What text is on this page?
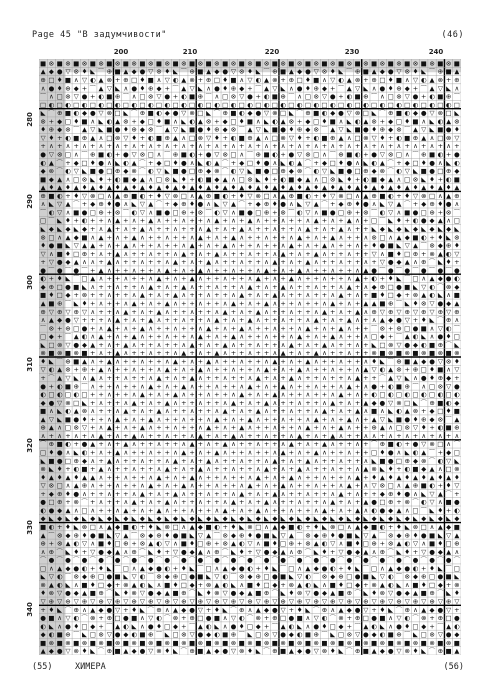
Page 45 "В задумчивости"	(46)
200	210	220	230	240
280
290
300
310
320
330
340
■ ⊗ ■ ⊗ ■ ⊗ ■ ⊗ ■ ⊗ ■ ⊗ ■ ⊗ ■ ⊗ ■ ⊗ ■ ⊗ ■ ⊗ ■ ⊗ ■ ⊗ ■ ⊗ ■ ⊗ ■ ⊗ ■ ⊗ ■ ⊗ ■ ⊗ ■ ⊗ ■ ⊗ ■ ⊗ ■ ⊗ ■ ⊗ ■ ⊗ ■
▲ ◆ ● ▽ ⊗ ♦ ◣ ⌒ ⊕ ■ ▲ ◆ ● ▽ ⊗ ♦ ◣ ⌒ ⊕ ■ ▲ ◆ ● ▽ ⊗ ♦ ◣ ⌒ ⊕ ■ ▲ ◆ ● ▽ ⊗ ♦ ◣ ⌒ ⊕ ■ ▲ ◆ ● ▽ ⊗ ♦ ◣ ⌒ ⊕ ■ ▲
⊕ □ ♦ ■ ∧ ▽ ◐ ▲ ⊗ + ⊕ □ ♦ ■ ∧ ▽ ◐ ▲ ⊗ + ⊕ □ ♦ ■ ∧ ▽ ◐ ▲ ⊗ + ⊕ □ ♦ ■ ∧ ▽ ◐ ▲ ⊗ + ⊕ □ ♦ ■ ∧ ▽ ◐ ▲ ⊗ + ⊕
∧ ● ♦ ⊕ ◆ + ⌒ ▲ ▽ ◣ ∧ ● ♦ ⊕ ◆ + ⌒ ▲ ▽ ◣ ∧ ● ♦ ⊕ ◆ + ⌒ ▲ ▽ ◣ ∧ ● ♦ ⊕ ◆ + ⌒ ▲ ▽ ◣ ∧ ● ♦ ⊕ ◆ + ⌒ ▲ ▽ ◣ ∧
⌒ ∧ □ ⊗ ▽ ● + ◐ ■ ⊕ ⌒ ∧ □ ⊗ ▽ ● + ◐ ■ ⊕ ⌒ ∧ □ ⊗ ▽ ● + ◐ ■ ⊕ ⌒ ∧ □ ⊗ ▽ ● + ◐ ■ ⊕ ⌒ ∧ □ ⊗ ▽ ● + ◐ ■ ⊕ ⌒
□ ◐ □ ◐ □ ◐ □ ◐ □ ◐ □ ◐ □ ◐ □ ◐ □ ◐ □ ◐ □ ◐ □ ◐ □ ◐ □ ◐ □ ◐ □ ◐ □ ◐ □ ◐ □ ◐ □ ◐ □ ◐ □ ◐ □ ◐ □ ◐ □ ◐ □
◣ ⌒ ⊕ ■ ◐ ◆ ● ▽ ⊗ □ ◣ ⌒ ⊕ ■ ◐ ◆ ● ▽ ⊗ □ ◣ ⌒ ⊕ ■ ◐ ◆ ● ▽ ⊗ □ ◣ ⌒ ⊕ ■ ◐ ◆ ● ▽ ⊗ □ ◣ ⌒ ⊕ ■ ◐ ◆ ● ▽ ⊗ □ ◣
⊗ + ◆ □ ♦ ■ ∧ ◣ ◐ ▲ ⊗ + ◆ □ ♦ ■ ∧ ◣ ◐ ▲ ⊗ + ◆ □ ♦ ■ ∧ ◣ ◐ ▲ ⊗ + ◆ □ ♦ ■ ∧ ◣ ◐ ▲ ⊗ + ◆ □ ♦ ■ ∧ ◣ ◐ ▲ ⊗
♦ ⊕ ◆ ⊗ ⌒ ▲ ▽ ◣ ■ ● ♦ ⊕ ◆ ⊗ ⌒ ▲ ▽ ◣ ■ ● ♦ ⊕ ◆ ⊗ ⌒ ▲ ▽ ◣ ■ ● ♦ ⊕ ◆ ⊗ ⌒ ▲ ▽ ◣ ■ ● ♦ ⊕ ◆ ⊗ ⌒ ▲ ▽ ◣ ■ ● ♦
▽ ♦ + ◐ ■ ⊕ ▲ ∧ □ ⊗ ▽ ♦ + ◐ ■ ⊕ ▲ ∧ □ ⊗ ▽ ♦ + ◐ ■ ⊕ ▲ ∧ □ ⊗ ▽ ♦ + ◐ ■ ⊕ ▲ ∧ □ ⊗ ▽ ♦ + ◐ ■ ⊕ ▲ ∧ □ ⊗ ▽
+ ∧ + ∧ + ∧ + ∧ + ∧ + ∧ + ∧ + ∧ + ∧ + ∧ + ∧ + ∧ + ∧ + ∧ + ∧ + ∧ + ∧ + ∧ + ∧ + ∧ + ∧ + ∧ + ∧ + ∧ + ∧ +
● ▽ ⊗ □ ∧ ⌒ ⊕ ■ ◐ + ● ▽ ⊗ □ ∧ ⌒ ⊕ ■ ◐ + ● ▽ ⊗ □ ∧ ⌒ ⊕ ■ ◐ + ● ▽ ⊗ □ ∧ ⌒ ⊕ ■ ◐ + ● ▽ ⊗ □ ∧ ⌒ ⊕ ■ ◐ + ●
◐ ▲ ⌒ + ◆ □ ♦ ● ∧ ◣ ◐ ▲ ⌒ + ◆ □ ♦ ● ∧ ◣ ◐ ▲ ⌒ + ◆ □ ♦ ● ∧ ◣ ◐ ▲ ⌒ + ◆ □ ♦ ● ∧ ◣ ◐ ▲ ⌒ + ◆ □ ♦ ● ∧ ◣ ◐
◆ ⊗ ⌒ ◐ ▽ ◣ ■ ● □ ⊕ ◆ ⊗ ⌒ ◐ ▽ ◣ ■ ● □ ⊕ ◆ ⊗ ⌒ ◐ ▽ ◣ ■ ● □ ⊕ ◆ ⊗ ⌒ ◐ ▽ ◣ ■ ● □ ⊕ ◆ ⊗ ⌒ ◐ ▽ ◣ ■ ● □ ⊕ ◆
■ ◆ ▲ ∧ □ ⊗ ◣ ♦ + ◐ ■ ◆ ▲ ∧ □ ⊗ ◣ ♦ + ◐ ■ ◆ ▲ ∧ □ ⊗ ◣ ♦ + ◐ ■ ◆ ▲ ∧ □ ⊗ ◣ ♦ + ◐ ■ ◆ ▲ ∧ □ ⊗ ◣ ♦ + ◐ ■
▲ ♦ ▲ ♦ ▲ ♦ ▲ ♦ ▲ ♦ ▲ ♦ ▲ ♦ ▲ ♦ ▲ ♦ ▲ ♦ ▲ ♦ ▲ ♦ ▲ ♦ ▲ ♦ ▲ ♦ ▲ ♦ ▲ ♦ ▲ ♦ ▲ ♦ ▲ ♦ ▲ ♦ ▲ ♦ ▲ ♦ ▲ ♦ ▲ ♦ ▲
⊕ ■ ◐ + ♦ ▽ ⊗ □ ∧ ▲ ⊕ ■ ◐ + ♦ ▽ ⊗ □ ∧ ▲ ⊕ ■ ◐ + ♦ ▽ ⊗ □ ∧ ▲ ⊕ ■ ◐ + ♦ ▽ ⊗ □ ∧ ▲ ⊕ ■ ◐ + ♦ ▽ ⊗ □ ∧ ▲ ⊕
∧ ◣ ▽ ▲ ⌒ + ◆ ⊕ ♦ ● ∧ ◣ ▽ ▲ ⌒ + ◆ ⊕ ♦ ● ∧ ◣ ▽ ▲ ⌒ + ◆ ⊕ ♦ ● ∧ ◣ ▽ ▲ ⌒ + ◆ ⊕ ♦ ● ∧ ◣ ▽ ▲ ⌒ + ◆ ⊕ ♦ ● ∧
⌒ ◐ ▽ ∧ ■ ● □ ⊕ + ⊗ ⌒ ◐ ▽ ∧ ■ ● □ ⊕ + ⊗ ⌒ ◐ ▽ ∧ ■ ● □ ⊕ + ⊗ ⌒ ◐ ▽ ∧ ■ ● □ ⊕ + ⊗ ⌒ ◐ ▽ ∧ ■ ● □ ⊕ + ⊗ ⌒
□ ⌒ ◣ ♦ + ◐ + + ∧ ▲ + ∧ + ▲ ∧ + + ∧ + + ∧ ▲ + ∧ + ▲ ∧ + + ∧ + + ∧ ▲ + ∧ + ▲ ∧ + □ ⌒ ◣ ♦ + ◐ ● ◆ ▲ ∧ □
◣ ◆ ◣ ◆ ◣ ◆ + ∧ ▲ + ∧ + ▲ ∧ + + ∧ + + ∧ ▲ + ∧ + ▲ ∧ + + ∧ + + ∧ ▲ + ∧ + ▲ ∧ + + ◣ ◆ ◣ ◆ ◣ ◆ ◣ ◆ ◣ ◆ ◣
⊗ □ ∧ ▲ ◆ ■ ∧ ▲ + ∧ + ▲ ∧ + + ∧ + + ∧ ▲ + ∧ + ▲ ∧ + + ∧ + + ∧ ▲ + ∧ + ▲ ∧ + + ∧ ⊗ □ ∧ ▲ ◆ ■ ◐ + ♦ ◣ ⊗
♦ ● ■ ◣ ▽ ▲ ▲ + ∧ + ▲ ∧ + + ∧ + + ∧ ▲ + ∧ + ▲ ∧ + + ∧ + + ∧ ▲ + ∧ + ▲ ∧ + + ∧ + ♦ ● ■ ◣ ▽ ▲ ⌒ ⊗ ◆ ⊕ ♦
▽ ∧ ■ ♦ □ ⊕ + ∧ + ▲ ∧ + + ∧ + + ∧ ▲ + ∧ + ▲ ∧ + + ∧ + + ∧ ▲ + ∧ + ▲ ∧ + + ∧ + + ▽ ∧ ■ ♦ □ ⊕ + ⊗ ▲ ◐ ▽
+ ▽ ● ◆ ▲ ∧ ∧ + ▲ ∧ + + ∧ + + ∧ ▲ + ∧ + ▲ ∧ + + ∧ + + ∧ ▲ + ∧ + ▲ ∧ + + ∧ + + ∧ + ▽ ● ◆ ▲ ∧ ⊕ ⌒ ◣ ♦ +
● ⌒ ● ⌒ ● ⌒ + ▲ ∧ + + ∧ + + ∧ ▲ + ∧ + ▲ ∧ + + ∧ + + ∧ ▲ + ∧ + ▲ ∧ + + ∧ + + ∧ ▲ ● ⌒ ● ⌒ ● ⌒ ● ⌒ ● ⌒ ●
◐ + ♦ ◣ ⌒ □ ▲ ∧ + + ∧ + + ∧ ▲ + ∧ + ▲ ∧ + + ∧ + + ∧ ▲ + ∧ + ▲ ∧ + + ∧ + + ∧ ▲ + ◐ + ♦ ◣ ⌒ □ ∧ ▲ ◆ ● ◐
◆ ⊕ □ ● ■ ◣ ∧ + + ∧ + + ∧ ▲ + ∧ + ▲ ∧ + + ∧ + + ∧ ▲ + ∧ + ▲ ∧ + + ∧ + + ∧ ▲ + ∧ ◆ ⊕ □ ● ■ ◣ ▽ ◐ ⌒ ⊗ ◆
■ ♦ □ ◆ + ⊗ + + ∧ + + ∧ ▲ + ∧ + ▲ ∧ + + ∧ + + ∧ ▲ + ∧ + ▲ ∧ + + ∧ + + ∧ ▲ + ∧ + ■ ♦ □ ◆ + ⊗ ▲ ◐ ◣ ∧ ■
▲ ■ ⊕ ⌒ ◣ ♦ + ∧ + + ∧ ▲ + ∧ + ▲ ∧ + + ∧ + + ∧ ▲ + ∧ + ▲ ∧ + + ∧ + + ∧ ▲ + ∧ + ▲ ▲ ■ ⊕ ⌒ ◣ ♦ ⊗ ▽ ● ◆ ▲
⊕ ▽ ⊕ ▽ ⊕ ▽ ∧ + + ∧ ▲ + ∧ + ▲ ∧ + + ∧ + + ∧ ▲ + ∧ + ▲ ∧ + + ∧ + + ∧ ▲ + ∧ + ▲ ∧ ⊕ ▽ ⊕ ▽ ⊕ ▽ ⊕ ▽ ⊕ ▽ ⊕
∧ ▲ ◆ ● ▽ + + + ∧ ▲ + ∧ + ▲ ∧ + + ∧ + + ∧ ▲ + ∧ + ▲ ∧ + + ∧ + + ∧ ▲ + ∧ + ▲ ∧ + ∧ ▲ ◆ ● ▽ + ♦ ◣ ⌒ ⊕ ∧
⌒ ⊗ + ⊕ □ ● + ∧ ▲ + ∧ + ▲ ∧ + + ∧ + + ∧ ▲ + ∧ + ▲ ∧ + + ∧ + + ∧ ▲ + ∧ + ▲ ∧ + + ⌒ ⊗ + ⊕ □ ● ■ ∧ ▽ ◐ ⌒
□ ◆ + ⌒ ▲ ◐ ∧ ▲ + ∧ + ▲ ∧ + + ∧ + + ∧ ▲ + ∧ + ▲ ∧ + + ∧ + + ∧ ▲ + ∧ + ▲ ∧ + + ∧ □ ◆ + ⌒ ▲ ◐ ◣ ∧ ● ♦ □
◣ □ ⊗ ▽ ● ◆ ▲ + ∧ + ▲ ∧ + + ∧ + + ∧ ▲ + ∧ + ▲ ∧ + + ∧ + + ∧ ▲ + ∧ + ▲ ∧ + + ∧ + ◣ □ ⊗ ▽ ● ◆ ◐ ■ ⊕ ⌒ ◣
⊗ ■ ⊗ ■ ⊗ ■ + ∧ + ▲ ∧ + + ∧ + + ∧ ▲ + ∧ + ▲ ∧ + + ∧ + + ∧ ▲ + ∧ + ▲ ∧ + + ∧ + + ⊗ ■ ⊗ ■ ⊗ ■ ⊗ ■ ⊗ ■ ⊗
♦ ◣ ⌒ ⊕ ■ ▲ ∧ + ▲ ∧ + + ∧ + + ∧ ▲ + ∧ + ▲ ∧ + + ∧ + + ∧ ▲ + ∧ + ▲ ∧ + + ∧ + + ∧ ♦ ◣ ⌒ ⊕ ■ ▲ ◆ ● ▽ ⊗ ♦
▽ ◐ ▲ ⊗ + ⊕ + ▲ ∧ + + ∧ + + ∧ ▲ + ∧ + ▲ ∧ + + ∧ + + ∧ ▲ + ∧ + ▲ ∧ + + ∧ + + ∧ ▲ ▽ ◐ ▲ ⊗ + ⊕ □ ♦ ■ ∧ ▽
+ ⌒ ▲ ▽ ◣ ∧ ▲ ∧ + + ∧ + + ∧ ▲ + ∧ + ▲ ∧ + + ∧ + + ∧ ▲ + ∧ + ▲ ∧ + + ∧ + + ∧ ▲ + + ⌒ ▲ ▽ ◣ ∧ ● ♦ ⊕ ◆ +
● + ◐ ■ ⊕ ⌒ ∧ + + ∧ + + ∧ ▲ + ∧ + ▲ ∧ + + ∧ + + ∧ ▲ + ∧ + ▲ ∧ + + ∧ + + ∧ ▲ + ∧ ● + ◐ ■ ⊕ ⌒ ∧ □ ⊗ ▽ ●
◐ □ ◐ □ ◐ □ + + ∧ + + ∧ ▲ + ∧ + ▲ ∧ + + ∧ + + ∧ ▲ + ∧ + ▲ ∧ + + ∧ + + ∧ ▲ + ∧ + ◐ □ ◐ □ ◐ □ ◐ □ ◐ □ ◐
◆ ● ▽ ⊗ □ ◣ + ∧ + + ∧ ▲ + ∧ + ▲ ∧ + + ∧ + + ∧ ▲ + ∧ + ▲ ∧ + + ∧ + + ∧ ▲ + ∧ + ▲ ◆ ● ▽ ⊗ □ ◣ ⌒ ⊕ ■ ◐ ◆
■ ∧ ◣ ◐ ▲ ⊗ ∧ + + ∧ ▲ + ∧ + ▲ ∧ + + ∧ + + ∧ ▲ + ∧ + ▲ ∧ + + ∧ + + ∧ ▲ + ∧ + ▲ ∧ ■ ∧ ◣ ◐ ▲ ⊗ + ◆ □ ♦ ■
▲ ▽ ◣ ■ ● ♦ + + ∧ ▲ + ∧ + ▲ ∧ + + ∧ + + ∧ ▲ + ∧ + ▲ ∧ + + ∧ + + ∧ ▲ + ∧ + ▲ ∧ + ▲ ▽ ◣ ■ ● ♦ ⊕ ◆ ⊗ ⌒ ▲
⊕ ▲ ∧ □ ⊗ ▽ + ∧ ▲ + ∧ + ▲ ∧ + + ∧ + + ∧ ▲ + ∧ + ▲ ∧ + + ∧ + + ∧ ▲ + ∧ + ▲ ∧ + + ⊕ ▲ ∧ □ ⊗ ▽ ♦ + ◐ ■ ⊕
∧ + ∧ + ∧ + ∧ ▲ + ∧ + ▲ ∧ + + ∧ + + ∧ ▲ + ∧ + ▲ ∧ + + ∧ + + ∧ ▲ + ∧ + ▲ ∧ + + ∧ ∧ + ∧ + ∧ + ∧ + ∧ + ∧
⌒ ⊕ ■ ◐ + ● ▲ + ∧ + ▲ ∧ + + ∧ + + ∧ ▲ + ∧ + ▲ ∧ + + ∧ + + ∧ ▲ + ∧ + ▲ ∧ + + ∧ + ⌒ ⊕ ■ ◐ + ● ▽ ⊗ □ ∧ ⌒
□ ♦ ● ∧ ◣ ◐ + ∧ + ▲ ∧ + + ∧ + + ∧ ▲ + ∧ + ▲ ∧ + + ∧ + + ∧ ▲ + ∧ + ▲ ∧ + + ∧ + + □ ♦ ● ∧ ◣ ◐ ▲ ⌒ + ◆ □
◣ ■ ● □ ⊕ ◆ ∧ + ▲ ∧ + + ∧ + + ∧ ▲ + ∧ + ▲ ∧ + + ∧ + + ∧ ▲ + ∧ + ▲ ∧ + + ∧ + + ∧ ◣ ■ ● □ ⊕ ◆ ⊗ ⌒ ◐ ▽ ◣
⊗ ◣ ♦ + ◐ ■ + ▲ ∧ + + ∧ + + ∧ ▲ + ∧ + ▲ ∧ + + ∧ + + ∧ ▲ + ∧ + ▲ ∧ + + ∧ + + ∧ ▲ ⊗ ◣ ♦ + ◐ ■ ◆ ▲ ∧ □ ⊗
♦ ▲ ♦ ▲ ♦ ▲ ▲ ∧ + + ∧ + + ∧ ▲ + ∧ + ▲ ∧ + + ∧ + + ∧ ▲ + ∧ + ▲ ∧ + + ∧ + + ∧ ▲ + ♦ ▲ ♦ ▲ ♦ ▲ ♦ ▲ ♦ ▲ ♦
▽ ⊗ □ ∧ ▲ ⊕ ∧ + + ∧ + + ∧ ▲ + ∧ + ▲ ∧ + + ∧ + + ∧ ▲ + ∧ + ▲ ∧ + + ∧ + + ∧ ▲ + ∧ ▽ ⊗ □ ∧ ▲ ⊕ ■ ◐ + ♦ ▽
+ ◆ ⊕ ♦ ● ∧ + + ∧ + + ∧ ▲ + ∧ + ▲ ∧ + + ∧ + + ∧ ▲ + ∧ + ▲ ∧ + + ∧ + + ∧ ▲ + ∧ + + ◆ ⊕ ♦ ● ∧ ◣ ▽ ▲ ⌒ +
● □ ⊕ + ⊗ ⌒ + ∧ + + ∧ ▲ + ∧ + ▲ ∧ + + ∧ + + ∧ ▲ + ∧ + ▲ ∧ + + ∧ + + ∧ ▲ + ∧ + ▲ ● □ ⊕ + ⊗ ⌒ ◐ ▽ ∧ ■ ●
◐ ● ◆ ▲ ∧ □ ∧ + + ∧ ▲ + ∧ + ▲ ∧ + + ∧ + + ∧ ▲ + ∧ + ▲ ∧ + + ∧ + + ∧ ▲ + ∧ + ▲ ∧ ◐ ● ◆ ▲ ∧ □ ⌒ ◣ ♦ + ◐
◆ ◣ ◆ ◣ ◆ ◣ ◆ ◣ ◆ ◣ ◆ ◣ ◆ ◣ ◆ ◣ ◆ ◣ ◆ ◣ ◆ ◣ ◆ ◣ ◆ ◣ ◆ ◣ ◆ ◣ ◆ ◣ ◆ ◣ ◆ ◣ ◆ ◣ ◆ ◣ ◆ ◣ ◆ ◣ ◆ ◣ ◆ ◣ ◆ ◣ ◆
■ ◐ + ♦ ◣ ⊗ □ ∧ ▲ ◆ ■ ◐ + ♦ ◣ ⊗ □ ∧ ▲ ◆ ■ ◐ + ♦ ◣ ⊗ □ ∧ ▲ ◆ ■ ◐ + ♦ ◣ ⊗ □ ∧ ▲ ◆ ■ ◐ + ♦ ◣ ⊗ □ ∧ ▲ ◆ ■
▲ ⌒ ⊗ ◆ ⊕ ♦ ● ■ ◣ ▽ ▲ ⌒ ⊗ ◆ ⊕ ♦ ● ■ ◣ ▽ ▲ ⌒ ⊗ ◆ ⊕ ♦ ● ■ ◣ ▽ ▲ ⌒ ⊗ ◆ ⊕ ♦ ● ■ ◣ ▽ ▲ ⌒ ⊗ ◆ ⊕ ♦ ● ■ ◣ ▽ ▲
⊕ + ⊗ ▲ ◐ ▽ ∧ ■ ♦ □ ⊕ + ⊗ ▲ ◐ ▽ ∧ ■ ♦ □ ⊕ + ⊗ ▲ ◐ ▽ ∧ ■ ♦ □ ⊕ + ⊗ ▲ ◐ ▽ ∧ ■ ♦ □ ⊕ + ⊗ ▲ ◐ ▽ ∧ ■ ♦ □ ⊕
∧ ⊕ ⌒ ◣ ♦ + ▽ ● ◆ ▲ ∧ ⊕ ⌒ ◣ ♦ + ▽ ● ◆ ▲ ∧ ⊕ ⌒ ◣ ♦ + ▽ ● ◆ ▲ ∧ ⊕ ⌒ ◣ ♦ + ▽ ● ◆ ▲ ∧ ⊕ ⌒ ◣ ♦ + ▽ ● ◆ ▲ ∧
⌒ ● ⌒ ● ⌒ ● ⌒ ● ⌒ ● ⌒ ● ⌒ ● ⌒ ● ⌒ ● ⌒ ● ⌒ ● ⌒ ● ⌒ ● ⌒ ● ⌒ ● ⌒ ● ⌒ ● ⌒ ● ⌒ ● ⌒ ● ⌒ ● ⌒ ● ⌒ ● ⌒ ● ⌒ ● ⌒
□ ∧ ▲ ◆ ● ◐ + ♦ ◣ ⌒ □ ∧ ▲ ◆ ● ◐ + ♦ ◣ ⌒ □ ∧ ▲ ◆ ● ◐ + ♦ ◣ ⌒ □ ∧ ▲ ◆ ● ◐ + ♦ ◣ ⌒ □ ∧ ▲ ◆ ● ◐ + ♦ ◣ ⌒ □
◣ ▽ ◐ ⌒ ⊗ ◆ ⊕ □ ● ■ ◣ ▽ ◐ ⌒ ⊗ ◆ ⊕ □ ● ■ ◣ ▽ ◐ ⌒ ⊗ ◆ ⊕ □ ● ■ ◣ ▽ ◐ ⌒ ⊗ ◆ ⊕ □ ● ■ ◣ ▽ ◐ ⌒ ⊗ ◆ ⊕ □ ● ■ ◣
⊗ ▲ ◐ ◣ ∧ ■ ♦ □ ◆ + ⊗ ▲ ◐ ◣ ∧ ■ ♦ □ ◆ + ⊗ ▲ ◐ ◣ ∧ ■ ♦ □ ◆ + ⊗ ▲ ◐ ◣ ∧ ■ ♦ □ ◆ + ⊗ ▲ ◐ ◣ ∧ ■ ♦ □ ◆ + ⊗
♦ ⊗ ▽ ● ◆ ▲ ■ ⊕ ⌒ ◣ ♦ ⊗ ▽ ● ◆ ▲ ■ ⊕ ⌒ ◣ ♦ ⊗ ▽ ● ◆ ▲ ■ ⊕ ⌒ ◣ ♦ ⊗ ▽ ● ◆ ▲ ■ ⊕ ⌒ ◣ ♦ ⊗ ▽ ● ◆ ▲ ■ ⊕ ⌒ ◣ ♦
▽ ⊕ ▽ ⊕ ▽ ⊕ ▽ ⊕ ▽ ⊕ ▽ ⊕ ▽ ⊕ ▽ ⊕ ▽ ⊕ ▽ ⊕ ▽ ⊕ ▽ ⊕ ▽ ⊕ ▽ ⊕ ▽ ⊕ ▽ ⊕ ▽ ⊕ ▽ ⊕ ▽ ⊕ ▽ ⊕ ▽ ⊕ ▽ ⊕ ▽ ⊕ ▽ ⊕ ▽ ⊕ ▽
+ ♦ ◣ ⌒ ⊕ ∧ ▲ ◆ ● ▽ + ♦ ◣ ⌒ ⊕ ∧ ▲ ◆ ● ▽ + ♦ ◣ ⌒ ⊕ ∧ ▲ ◆ ● ▽ + ♦ ◣ ⌒ ⊕ ∧ ▲ ◆ ● ▽ + ♦ ◣ ⌒ ⊕ ∧ ▲ ◆ ● ▽ +
● ■ ∧ ▽ ◐ ⌒ ⊗ + ⊕ □ ● ■ ∧ ▽ ◐ ⌒ ⊗ + ⊕ □ ● ■ ∧ ▽ ◐ ⌒ ⊗ + ⊕ □ ● ■ ∧ ▽ ◐ ⌒ ⊗ + ⊕ □ ● ■ ∧ ▽ ◐ ⌒ ⊗ + ⊕ □ ●
◐ ◣ ∧ ● ♦ □ ◆ + ⌒ ▲ ◐ ◣ ∧ ● ♦ □ ◆ + ⌒ ▲ ◐ ◣ ∧ ● ♦ □ ◆ + ⌒ ▲ ◐ ◣ ∧ ● ♦ □ ◆ + ⌒ ▲ ◐ ◣ ∧ ● ♦ □ ◆ + ⌒ ▲ ◐
◆ ◐ ■ ⊕ ⌒ ◣ □ ⊗ ▽ ● ◆ ◐ ■ ⊕ ⌒ ◣ □ ⊗ ▽ ● ◆ ◐ ■ ⊕ ⌒ ◣ □ ⊗ ▽ ● ◆ ◐ ■ ⊕ ⌒ ◣ □ ⊗ ▽ ● ◆ ◐ ■ ⊕ ⌒ ◣ □ ⊗ ▽ ● ◆
■ ⊗ ■ ⊗ ■ ⊗ ■ ⊗ ■ ⊗ ■ ⊗ ■ ⊗ ■ ⊗ ■ ⊗ ■ ⊗ ■ ⊗ ■ ⊗ ■ ⊗ ■ ⊗ ■ ⊗ ■ ⊗ ■ ⊗ ■ ⊗ ■ ⊗ ■ ⊗ ■ ⊗ ■ ⊗ ■ ⊗ ■ ⊗ ■ ⊗ ■
▲ ◆ ● ▽ ⊗ ♦ ◣ ⌒ ⊕ ■ ▲ ◆ ● ▽ ⊗ ♦ ◣ ⌒ ⊕ ■ ▲ ◆ ● ▽ ⊗ ♦ ◣ ⌒ ⊕ ■ ▲ ◆ ● ▽ ⊗ ♦ ◣ ⌒ ⊕ ■ ▲ ◆ ● ▽ ⊗ ♦ ◣ ⌒ ⊕ ■ ▲
(55)	ХИМЕРА	(56)
